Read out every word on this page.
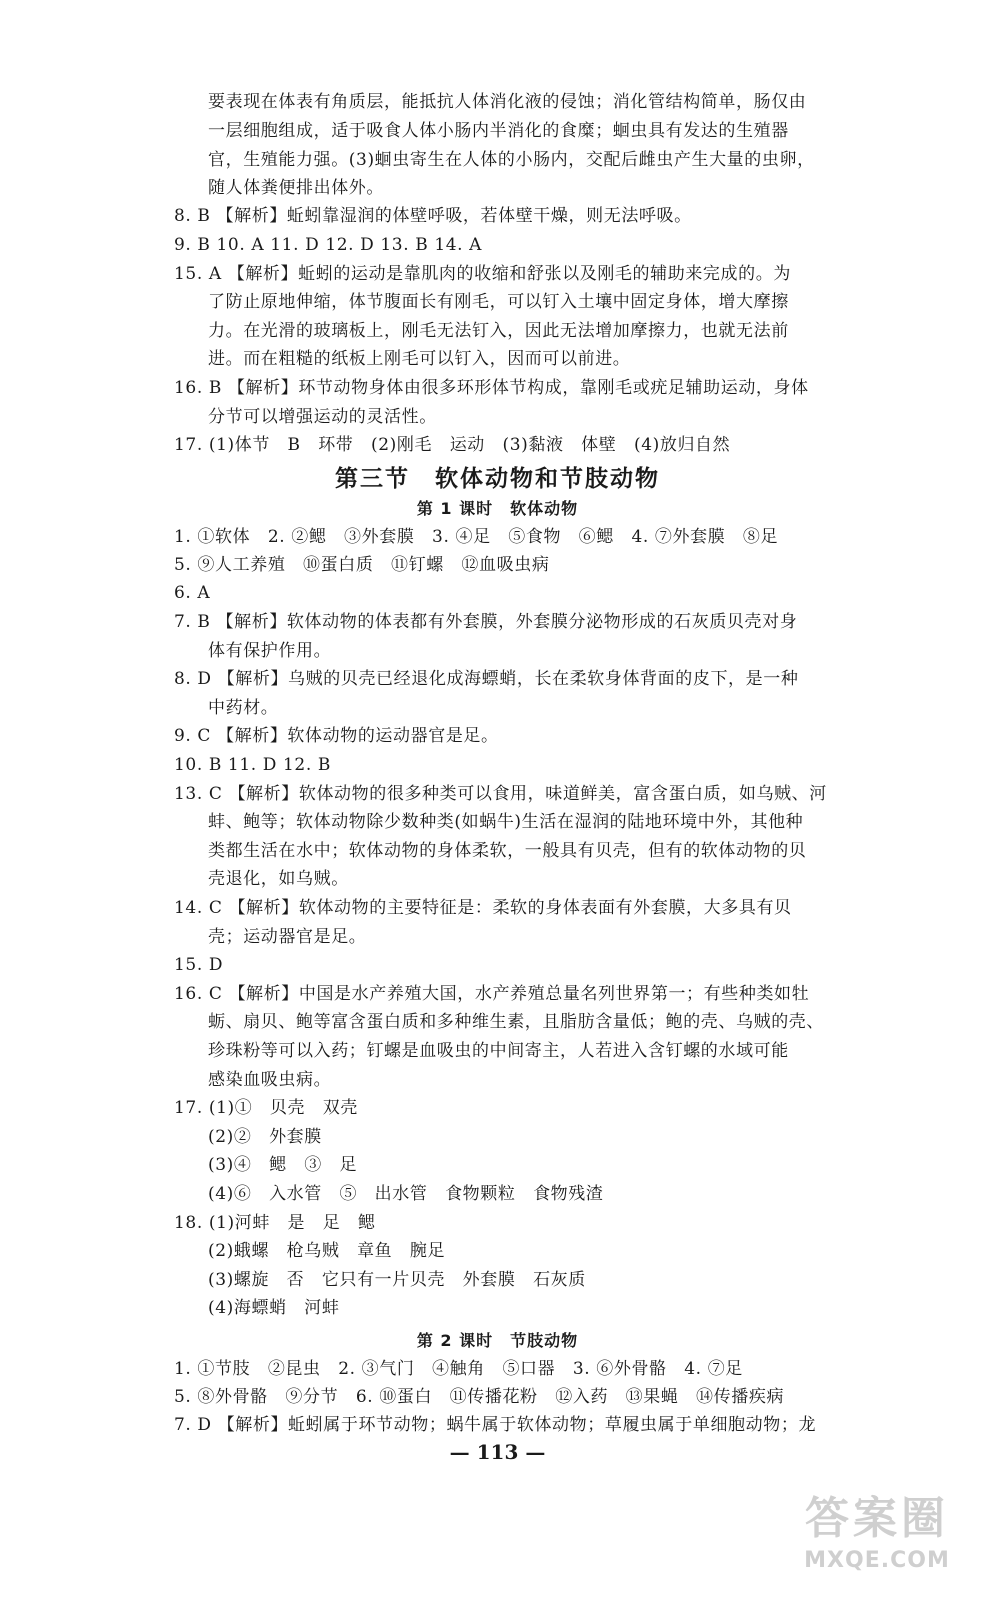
要表现在体表有角质层，能抵抗人体消化液的侵蚀；消化管结构简单，肠仅由
一层细胞组成，适于吸食人体小肠内半消化的食糜；蛔虫具有发达的生殖器
官，生殖能力强。(3)蛔虫寄生在人体的小肠内，交配后雌虫产生大量的虫卵，
随人体粪便排出体外。
8. B 【解析】蚯蚓靠湿润的体壁呼吸，若体壁干燥，则无法呼吸。
9. B 10. A 11. D 12. D 13. B 14. A
15. A 【解析】蚯蚓的运动是靠肌肉的收缩和舒张以及刚毛的辅助来完成的。为
了防止原地伸缩，体节腹面长有刚毛，可以钉入土壤中固定身体，增大摩擦
力。在光滑的玻璃板上，刚毛无法钉入，因此无法增加摩擦力，也就无法前
进。而在粗糙的纸板上刚毛可以钉入，因而可以前进。
16. B 【解析】环节动物身体由很多环形体节构成，靠刚毛或疣足辅助运动，身体
分节可以增强运动的灵活性。
17. (1)体节　B　环带　(2)刚毛　运动　(3)黏液　体壁　(4)放归自然
第三节　软体动物和节肢动物
第 1 课时　软体动物
1. ①软体　2. ②鳃　③外套膜　3. ④足　⑤食物　⑥鳃　4. ⑦外套膜　⑧足
5. ⑨人工养殖　⑩蛋白质　⑪钉螺　⑫血吸虫病
6. A
7. B 【解析】软体动物的体表都有外套膜，外套膜分泌物形成的石灰质贝壳对身
体有保护作用。
8. D 【解析】乌贼的贝壳已经退化成海螵蛸，长在柔软身体背面的皮下，是一种
中药材。
9. C 【解析】软体动物的运动器官是足。
10. B 11. D 12. B
13. C 【解析】软体动物的很多种类可以食用，味道鲜美，富含蛋白质，如乌贼、河
蚌、鲍等；软体动物除少数种类(如蜗牛)生活在湿润的陆地环境中外，其他种
类都生活在水中；软体动物的身体柔软，一般具有贝壳，但有的软体动物的贝
壳退化，如乌贼。
14. C 【解析】软体动物的主要特征是：柔软的身体表面有外套膜，大多具有贝
壳；运动器官是足。
15. D
16. C 【解析】中国是水产养殖大国，水产养殖总量名列世界第一；有些种类如牡
蛎、扇贝、鲍等富含蛋白质和多种维生素，且脂肪含量低；鲍的壳、乌贼的壳、
珍珠粉等可以入药；钉螺是血吸虫的中间寄主，人若进入含钉螺的水域可能
感染血吸虫病。
17. (1)①　贝壳　双壳
(2)②　外套膜
(3)④　鳃　③　足
(4)⑥　入水管　⑤　出水管　食物颗粒　食物残渣
18. (1)河蚌　是　足　鳃
(2)蛾螺　枪乌贼　章鱼　腕足
(3)螺旋　否　它只有一片贝壳　外套膜　石灰质
(4)海螵蛸　河蚌
第 2 课时　节肢动物
1. ①节肢　②昆虫　2. ③气门　④触角　⑤口器　3. ⑥外骨骼　4. ⑦足
5. ⑧外骨骼　⑨分节　6. ⑩蛋白　⑪传播花粉　⑫入药　⑬果蝇　⑭传播疾病
7. D 【解析】蚯蚓属于环节动物；蜗牛属于软体动物；草履虫属于单细胞动物；龙
— 113 —
答案圈
MXQE.COM
